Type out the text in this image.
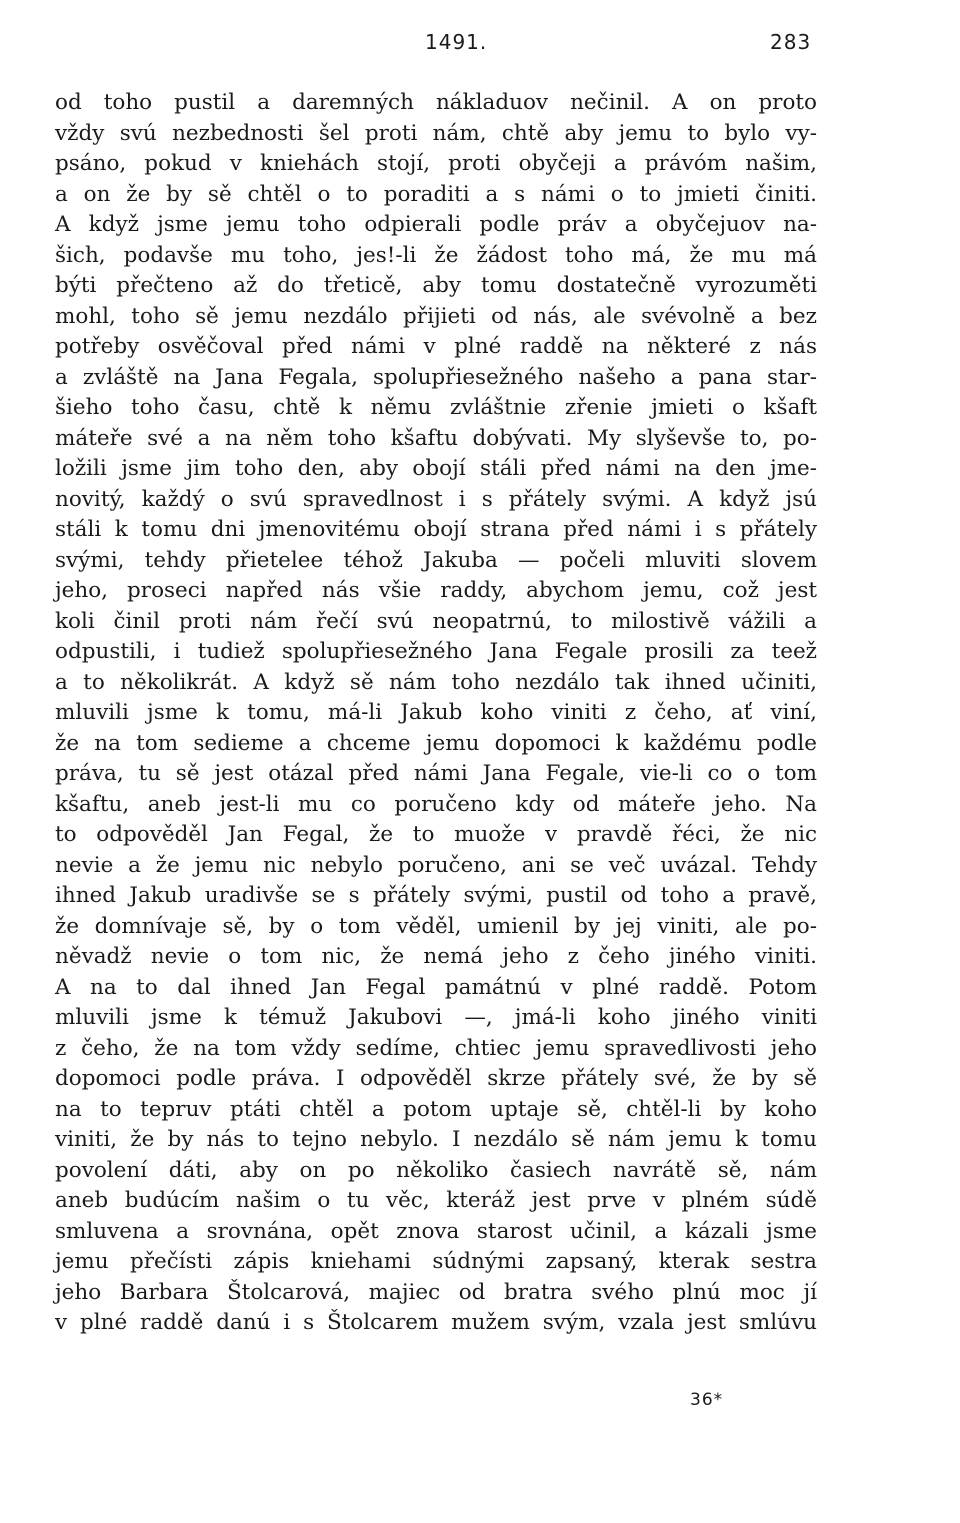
1491.	283
od toho pustil a daremných nákladuov nečinil. A on proto
vždy svú nezbednosti šel proti nám, chtě aby jemu to bylo vy-
psáno, pokud v kniehách stojí, proti obyčeji a právóm našim,
a on že by sě chtěl o to poraditi a s námi o to jmieti činiti.
A když jsme jemu toho odpierali podle práv a obyčejuov na-
šich, podavše mu toho, jes!-li že žádost toho má, že mu má
býti přečteno až do třeticě, aby tomu dostatečně vyrozuměti
mohl, toho sě jemu nezdálo přijieti od nás, ale svévolně a bez
potřeby osvěčoval před námi v plné raddě na některé z nás
a zvláště na Jana Fegala, spolupřiesežného našeho a pana star-
šieho toho času, chtě k němu zvláštnie zřenie jmieti o kšaft
máteře své a na něm toho kšaftu dobývati. My slyševše to, po-
ložili jsme jim toho den, aby obojí stáli před námi na den jme-
novitý, každý o svú spravedlnost i s přátely svými. A když jsú
stáli k tomu dni jmenovitému obojí strana před námi i s přátely
svými, tehdy přietelee téhož Jakuba — počeli mluviti slovem
jeho, proseci napřed nás všie raddy, abychom jemu, což jest
koli činil proti nám řečí svú neopatrnú, to milostivě vážili a
odpustili, i tudiež spolupřiesežného Jana Fegale prosili za teež
a to několikrát. A když sě nám toho nezdálo tak ihned učiniti,
mluvili jsme k tomu, má-li Jakub koho viniti z čeho, ať viní,
že na tom sedieme a chceme jemu dopomoci k každému podle
práva, tu sě jest otázal před námi Jana Fegale, vie-li co o tom
kšaftu, aneb jest-li mu co poručeno kdy od máteře jeho. Na
to odpověděl Jan Fegal, že to muože v pravdě řéci, že nic
nevie a že jemu nic nebylo poručeno, ani se več uvázal. Tehdy
ihned Jakub uradivše se s přátely svými, pustil od toho a pravě,
že domnívaje sě, by o tom věděl, umienil by jej viniti, ale po-
něvadž nevie o tom nic, že nemá jeho z čeho jiného viniti.
A na to dal ihned Jan Fegal památnú v plné raddě. Potom
mluvili jsme k témuž Jakubovi —, jmá-li koho jiného viniti
z čeho, že na tom vždy sedíme, chtiec jemu spravedlivosti jeho
dopomoci podle práva. I odpověděl skrze přátely své, že by sě
na to tepruv ptáti chtěl a potom uptaje sě, chtěl-li by koho
viniti, že by nás to tejno nebylo. I nezdálo sě nám jemu k tomu
povolení dáti, aby on po několiko časiech navrátě sě, nám
aneb budúcím našim o tu věc, kteráž jest prve v plném súdě
smluvena a srovnána, opět znova starost učinil, a kázali jsme
jemu přečísti zápis kniehami súdnými zapsaný, kterak sestra
jeho Barbara Štolcarová, majiec od bratra svého plnú moc jí
v plné raddě danú i s Štolcarem mužem svým, vzala jest smlúvu
36*
